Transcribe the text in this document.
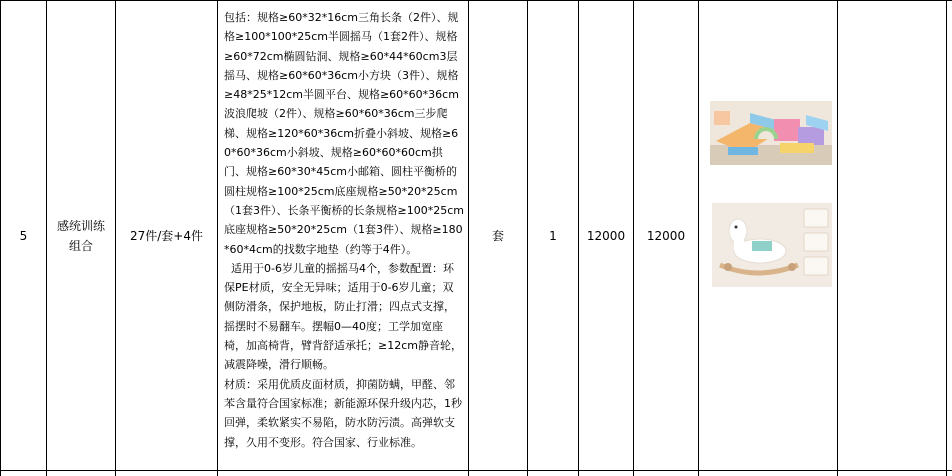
5
感统训练组合
27件/套+4件

包括：规格≥60*32*16cm三角长条（2件）、规格≥100*100*25cm半圆摇马（1套2件）、规格≥60*72cm椭圆钻洞、规格≥60*44*60cm3层摇马、规格≥60*60*36cm小方块（3件）、规格≥48*25*12cm半圆平台、规格≥60*60*36cm波浪爬坡（2件）、规格≥60*60*36cm三步爬梯、规格≥120*60*36cm折叠小斜坡、规格≥60*60*36cm小斜坡、规格≥60*60*60cm拱门、规格≥60*30*45cm小邮箱、圆柱平衡桥的圆柱规格≥100*25cm底座规格≥50*20*25cm（1套3件）、长条平衡桥的长条规格≥100*25cm底座规格≥50*20*25cm（1套3件）、规格≥180*60*4cm的找数字地垫（约等于4件）。

适用于0-6岁儿童的摇摇马4个，参数配置：环保PE材质，安全无异味；适用于0-6岁儿童；双侧防滑条，保护地板，防止打滑；四点式支撑，摇摆时不易翻车。摆幅0—40度；工学加宽座椅，加高椅背，臂背舒适承托；≥12cm静音轮，减震降噪，滑行顺畅。

材质：采用优质皮面材质，抑菌防螨，甲醛、邻苯含量符合国家标准；新能源环保升级内芯，1秒回弹，柔软紧实不易陷，防水防污渍。高弹软支撑，久用不变形。符合国家、行业标准。

套	1	12000 12000
